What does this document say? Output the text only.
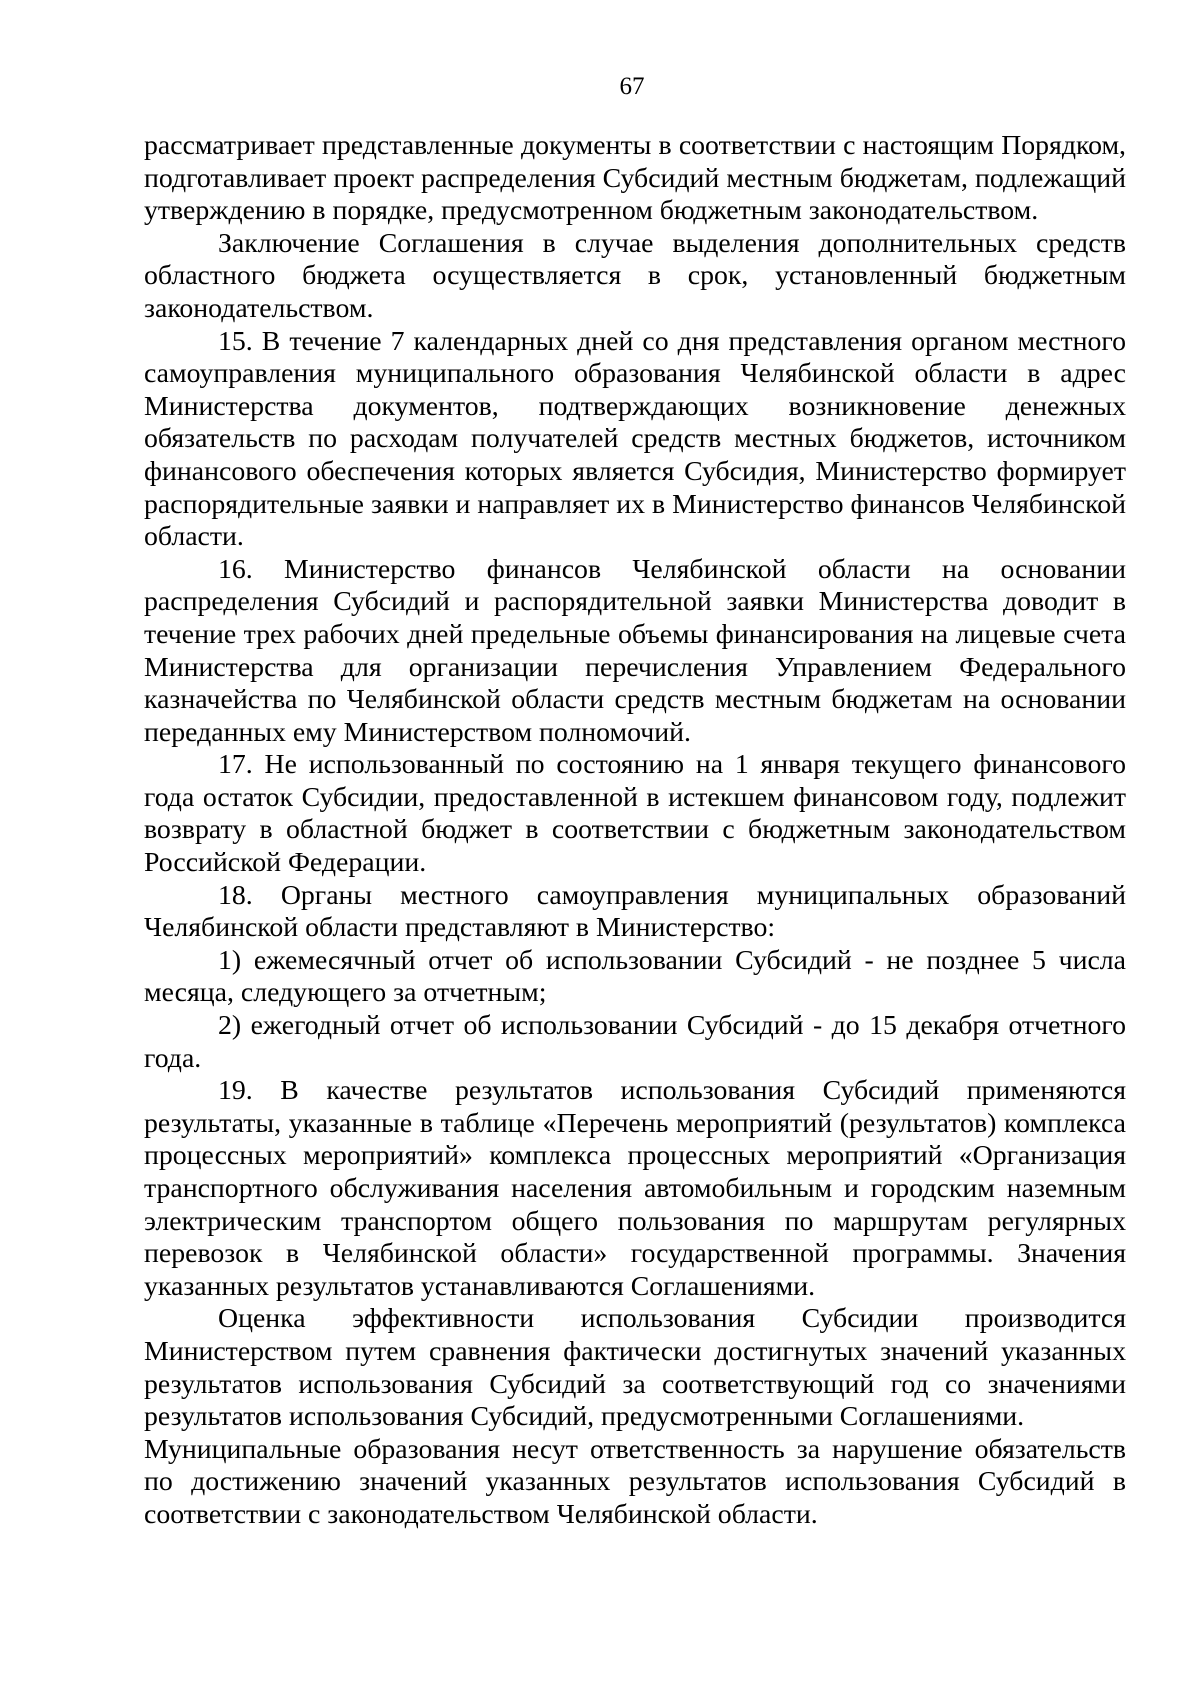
67

рассматривает представленные документы в соответствии с настоящим Порядком, подготавливает проект распределения Субсидий местным бюджетам, подлежащий утверждению в порядке, предусмотренном бюджетным законодательством.

Заключение Соглашения в случае выделения дополнительных средств областного бюджета осуществляется в срок, установленный бюджетным законодательством.

15. В течение 7 календарных дней со дня представления органом местного самоуправления муниципального образования Челябинской области в адрес Министерства документов, подтверждающих возникновение денежных обязательств по расходам получателей средств местных бюджетов, источником финансового обеспечения которых является Субсидия, Министерство формирует распорядительные заявки и направляет их в Министерство финансов Челябинской области.

16. Министерство финансов Челябинской области на основании распределения Субсидий и распорядительной заявки Министерства доводит в течение трех рабочих дней предельные объемы финансирования на лицевые счета Министерства для организации перечисления Управлением Федерального казначейства по Челябинской области средств местным бюджетам на основании переданных ему Министерством полномочий.

17. Не использованный по состоянию на 1 января текущего финансового года остаток Субсидии, предоставленной в истекшем финансовом году, подлежит возврату в областной бюджет в соответствии с бюджетным законодательством Российской Федерации.

18. Органы местного самоуправления муниципальных образований Челябинской области представляют в Министерство:

1) ежемесячный отчет об использовании Субсидий - не позднее 5 числа месяца, следующего за отчетным;

2) ежегодный отчет об использовании Субсидий - до 15 декабря отчетного года.

19. В качестве результатов использования Субсидий применяются результаты, указанные в таблице «Перечень мероприятий (результатов) комплекса процессных мероприятий» комплекса процессных мероприятий «Организация транспортного обслуживания населения автомобильным и городским наземным электрическим транспортом общего пользования по маршрутам регулярных перевозок в Челябинской области» государственной программы. Значения указанных результатов устанавливаются Соглашениями.

Оценка эффективности использования Субсидии производится Министерством путем сравнения фактически достигнутых значений указанных результатов использования Субсидий за соответствующий год со значениями результатов использования Субсидий, предусмотренными Соглашениями.

Муниципальные образования несут ответственность за нарушение обязательств по достижению значений указанных результатов использования Субсидий в соответствии с законодательством Челябинской области.
